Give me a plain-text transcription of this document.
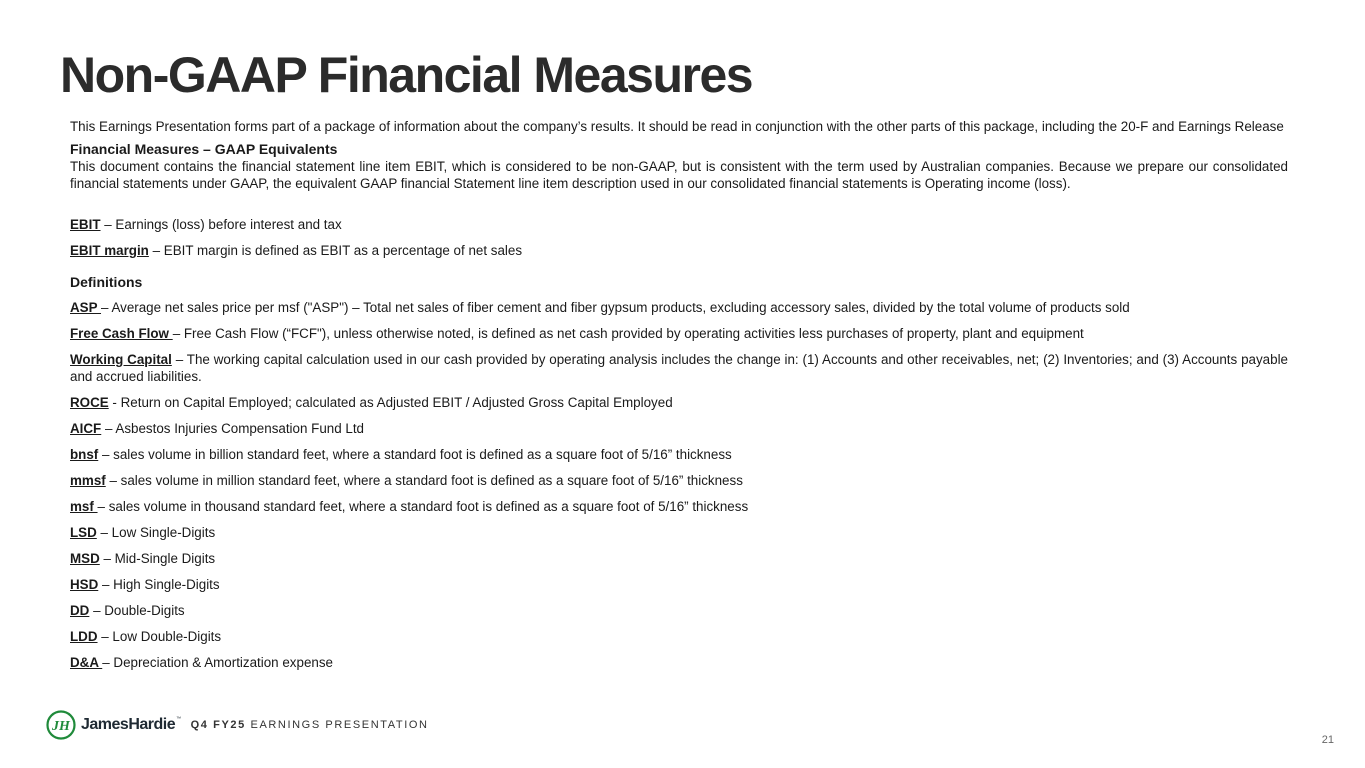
Non-GAAP Financial Measures

This Earnings Presentation forms part of a package of information about the company’s results. It should be read in conjunction with the other parts of this package, including the 20-F and Earnings Release

Financial Measures – GAAP Equivalents

This document contains the financial statement line item EBIT, which is considered to be non-GAAP, but is consistent with the term used by Australian companies. Because we prepare our consolidated financial statements under GAAP, the equivalent GAAP financial Statement line item description used in our consolidated financial statements is Operating income (loss).

EBIT – Earnings (loss) before interest and tax

EBIT margin – EBIT margin is defined as EBIT as a percentage of net sales

Definitions

ASP – Average net sales price per msf ("ASP") – Total net sales of fiber cement and fiber gypsum products, excluding accessory sales, divided by the total volume of products sold

Free Cash Flow – Free Cash Flow (“FCF"), unless otherwise noted, is defined as net cash provided by operating activities less purchases of property, plant and equipment

Working Capital – The working capital calculation used in our cash provided by operating analysis includes the change in: (1) Accounts and other receivables, net; (2) Inventories; and (3) Accounts payable and accrued liabilities.

ROCE - Return on Capital Employed; calculated as Adjusted EBIT / Adjusted Gross Capital Employed

AICF – Asbestos Injuries Compensation Fund Ltd

bnsf – sales volume in billion standard feet, where a standard foot is defined as a square foot of 5/16” thickness

mmsf – sales volume in million standard feet, where a standard foot is defined as a square foot of 5/16” thickness

msf – sales volume in thousand standard feet, where a standard foot is defined as a square foot of 5/16” thickness

LSD – Low Single-Digits

MSD – Mid-Single Digits

HSD – High Single-Digits

DD – Double-Digits

LDD – Low Double-Digits

D&A – Depreciation & Amortization expense

JH JamesHardie™ Q4 FY25 EARNINGS PRESENTATION
21
